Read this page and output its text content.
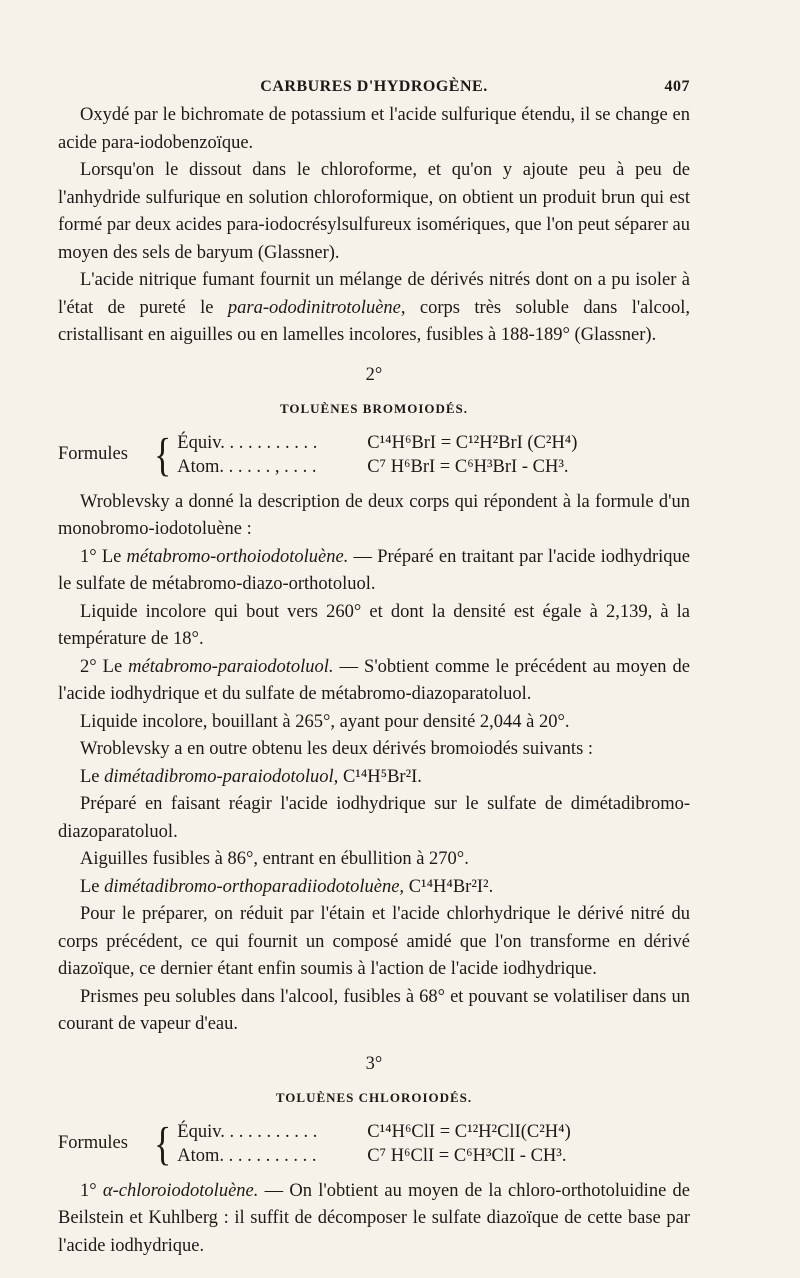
CARBURES D'HYDROGÈNE.	407

Oxydé par le bichromate de potassium et l'acide sulfurique étendu, il se change en acide para-iodobenzoïque.

Lorsqu'on le dissout dans le chloroforme, et qu'on y ajoute peu à peu de l'anhydride sulfurique en solution chloroformique, on obtient un produit brun qui est formé par deux acides para-iodocrésylsulfureux isomériques, que l'on peut séparer au moyen des sels de baryum (Glassner).

L'acide nitrique fumant fournit un mélange de dérivés nitrés dont on a pu isoler à l'état de pureté le para-ododinitrotoluène, corps très soluble dans l'alcool, cristallisant en aiguilles ou en lamelles incolores, fusibles à 188-189° (Glassner).

2°
TOLUÈNES BROMOIODÉS.
Formules { Équiv. . . . . . . . . . .	C¹⁴H⁶BrI = C¹²H²BrI (C²H⁴)
Atom. . . . . . , . . . .	C⁷ H⁶BrI = C⁶H³BrI - CH³.

Wroblevsky a donné la description de deux corps qui répondent à la formule d'un monobromo-iodotoluène :

1° Le métabromo-orthoiodotoluène. — Préparé en traitant par l'acide iodhydrique le sulfate de métabromo-diazo-orthotoluol.

Liquide incolore qui bout vers 260° et dont la densité est égale à 2,139, à la température de 18°.

2° Le métabromo-paraiodotoluol. — S'obtient comme le précédent au moyen de l'acide iodhydrique et du sulfate de métabromo-diazoparatoluol.

Liquide incolore, bouillant à 265°, ayant pour densité 2,044 à 20°.

Wroblevsky a en outre obtenu les deux dérivés bromoiodés suivants :

Le dimétadibromo-paraiodotoluol, C¹⁴H⁵Br²I.

Préparé en faisant réagir l'acide iodhydrique sur le sulfate de dimétadibromo-diazoparatoluol.

Aiguilles fusibles à 86°, entrant en ébullition à 270°.

Le dimétadibromo-orthoparadiiodotoluène, C¹⁴H⁴Br²I².

Pour le préparer, on réduit par l'étain et l'acide chlorhydrique le dérivé nitré du corps précédent, ce qui fournit un composé amidé que l'on transforme en dérivé diazoïque, ce dernier étant enfin soumis à l'action de l'acide iodhydrique.

Prismes peu solubles dans l'alcool, fusibles à 68° et pouvant se volatiliser dans un courant de vapeur d'eau.

3°
TOLUÈNES CHLOROIODÉS.
Formules { Équiv. . . . . . . . . . .	C¹⁴H⁶ClI = C¹²H²ClI(C²H⁴)
Atom. . . . . . . . . . .	C⁷ H⁶ClI = C⁶H³ClI - CH³.

1° α-chloroiodotoluène. — On l'obtient au moyen de la chloro-orthotoluidine de Beilstein et Kuhlberg : il suffit de décomposer le sulfate diazoïque de cette base par l'acide iodhydrique.
